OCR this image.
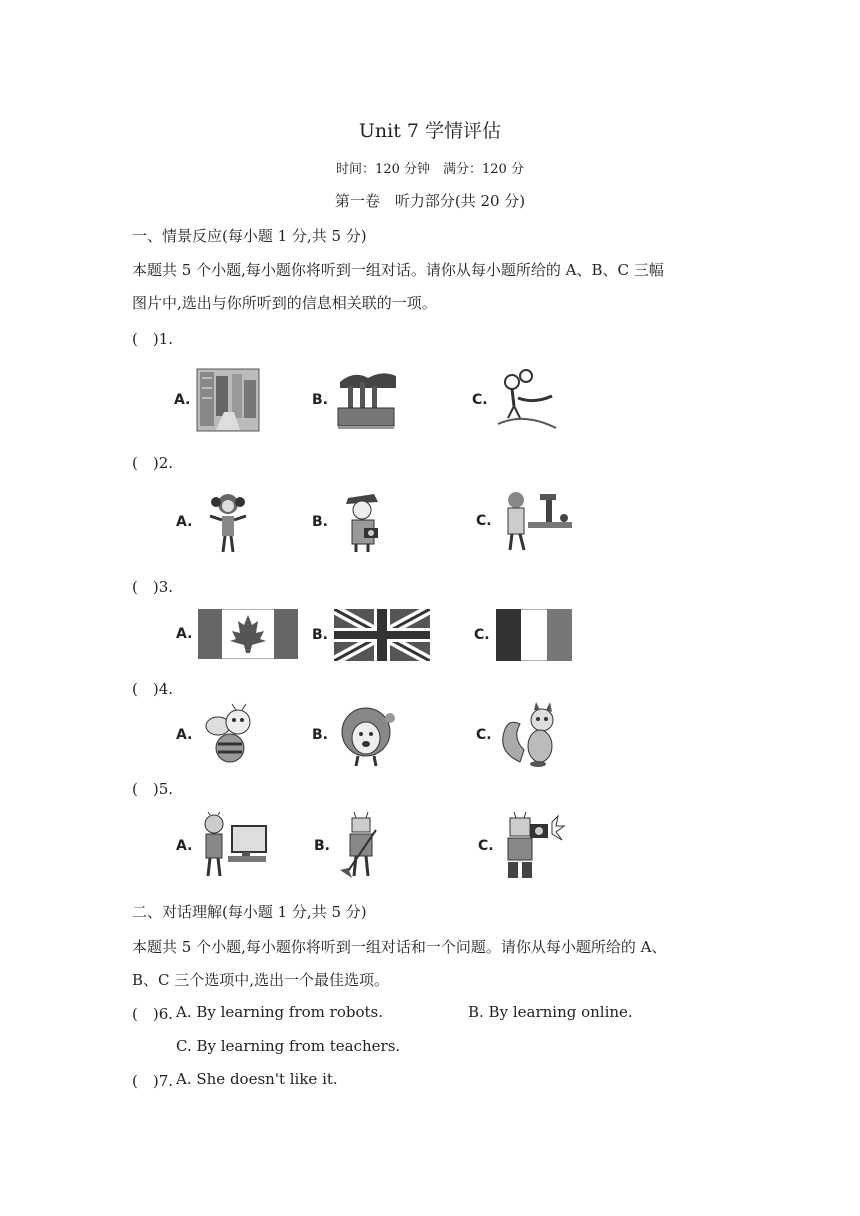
Unit 7 学情评估
时间：120 分钟　满分：120 分
第一卷　听力部分(共 20 分)
一、情景反应(每小题 1 分,共 5 分)
本题共 5 个小题,每小题你将听到一组对话。请你从每小题所给的 A、B、C 三幅
图片中,选出与你所听到的信息相关联的一项。
(　)1.
A.	B.	C.
(　)2.
A.	B.	C.
(　)3.
A.	B.	C.
(　)4.
A.	B.	C.
(　)5.
A.	B.	C.
二、对话理解(每小题 1 分,共 5 分)
本题共 5 个小题,每小题你将听到一组对话和一个问题。请你从每小题所给的 A、
B、C 三个选项中,选出一个最佳选项。
(　)6. A. By learning from robots.	B. By learning online.
C. By learning from teachers.
(　)7. A. She doesn't like it.
